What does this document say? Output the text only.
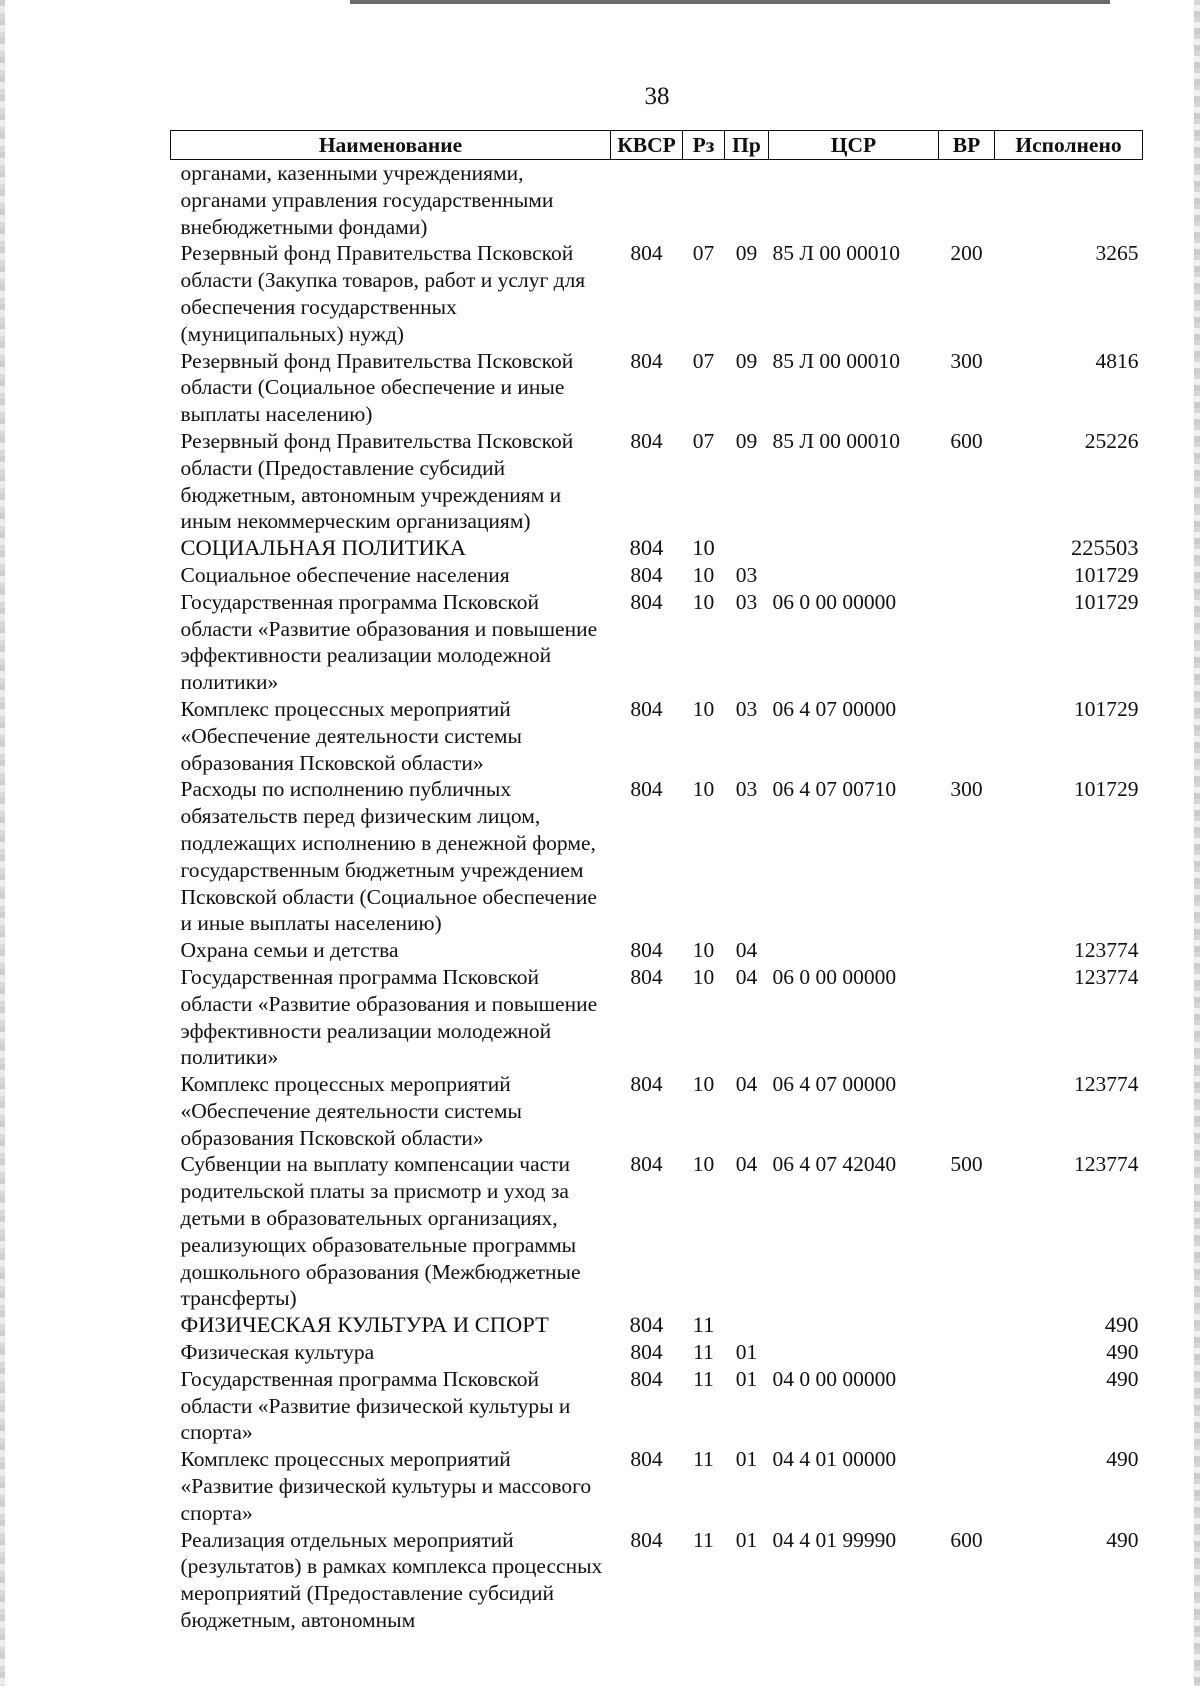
38
Наименование	КВСР	Рз	Пр	ЦСР	ВР	Исполнено
органами, казенными учреждениями, органами управления государственными внебюджетными фондами)						
Резервный фонд Правительства Псковской области (Закупка товаров, работ и услуг для обеспечения государственных (муниципальных) нужд)	804	07	09	85 Л 00 00010	200	3265
Резервный фонд Правительства Псковской области (Социальное обеспечение и иные выплаты населению)	804	07	09	85 Л 00 00010	300	4816
Резервный фонд Правительства Псковской области (Предоставление субсидий бюджетным, автономным учреждениям и иным некоммерческим организациям)	804	07	09	85 Л 00 00010	600	25226
СОЦИАЛЬНАЯ ПОЛИТИКА	804	10				225503
Социальное обеспечение населения	804	10	03			101729
Государственная программа Псковской области «Развитие образования и повышение эффективности реализации молодежной политики»	804	10	03	06 0 00 00000		101729
Комплекс процессных мероприятий «Обеспечение деятельности системы образования Псковской области»	804	10	03	06 4 07 00000		101729
Расходы по исполнению публичных обязательств перед физическим лицом, подлежащих исполнению в денежной форме, государственным бюджетным учреждением Псковской области (Социальное обеспечение и иные выплаты населению)	804	10	03	06 4 07 00710	300	101729
Охрана семьи и детства	804	10	04			123774
Государственная программа Псковской области «Развитие образования и повышение эффективности реализации молодежной политики»	804	10	04	06 0 00 00000		123774
Комплекс процессных мероприятий «Обеспечение деятельности системы образования Псковской области»	804	10	04	06 4 07 00000		123774
Субвенции на выплату компенсации части родительской платы за присмотр и уход за детьми в образовательных организациях, реализующих образовательные программы дошкольного образования (Межбюджетные трансферты)	804	10	04	06 4 07 42040	500	123774
ФИЗИЧЕСКАЯ КУЛЬТУРА И СПОРТ	804	11				490
Физическая культура	804	11	01			490
Государственная программа Псковской области «Развитие физической культуры и спорта»	804	11	01	04 0 00 00000		490
Комплекс процессных мероприятий «Развитие физической культуры и массового спорта»	804	11	01	04 4 01 00000		490
Реализация отдельных мероприятий (результатов) в рамках комплекса процессных мероприятий (Предоставление субсидий бюджетным, автономным	804	11	01	04 4 01 99990	600	490
